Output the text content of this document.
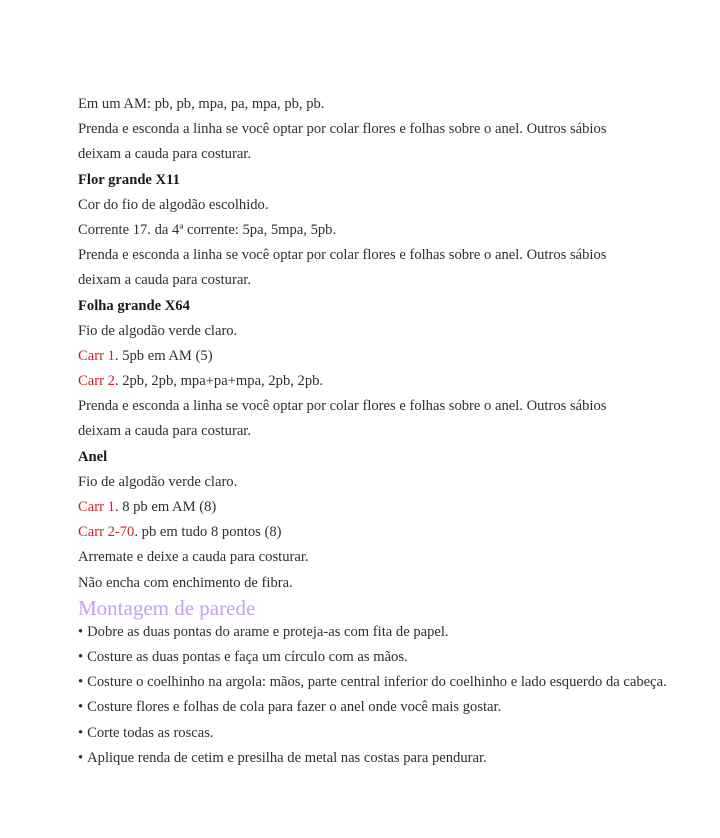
Em um AM: pb, pb, mpa, pa, mpa, pb, pb.
Prenda e esconda a linha se você optar por colar flores e folhas sobre o anel. Outros sábios
deixam a cauda para costurar.
Flor grande X11
Cor do fio de algodão escolhido.
Corrente 17. da 4ª corrente: 5pa, 5mpa, 5pb.
Prenda e esconda a linha se você optar por colar flores e folhas sobre o anel. Outros sábios
deixam a cauda para costurar.
Folha grande X64
Fio de algodão verde claro.
Carr 1. 5pb em AM (5)
Carr 2. 2pb, 2pb, mpa+pa+mpa, 2pb, 2pb.
Prenda e esconda a linha se você optar por colar flores e folhas sobre o anel. Outros sábios
deixam a cauda para costurar.
Anel
Fio de algodão verde claro.
Carr 1. 8 pb em AM (8)
Carr 2-70. pb em tudo 8 pontos (8)
Arremate e deixe a cauda para costurar.
Não encha com enchimento de fibra.
Montagem de parede
• Dobre as duas pontas do arame e proteja-as com fita de papel.
• Costure as duas pontas e faça um círculo com as mãos.
• Costure o coelhinho na argola: mãos, parte central inferior do coelhinho e lado esquerdo da cabeça.
• Costure flores e folhas de cola para fazer o anel onde você mais gostar.
• Corte todas as roscas.
• Aplique renda de cetim e presilha de metal nas costas para pendurar.
